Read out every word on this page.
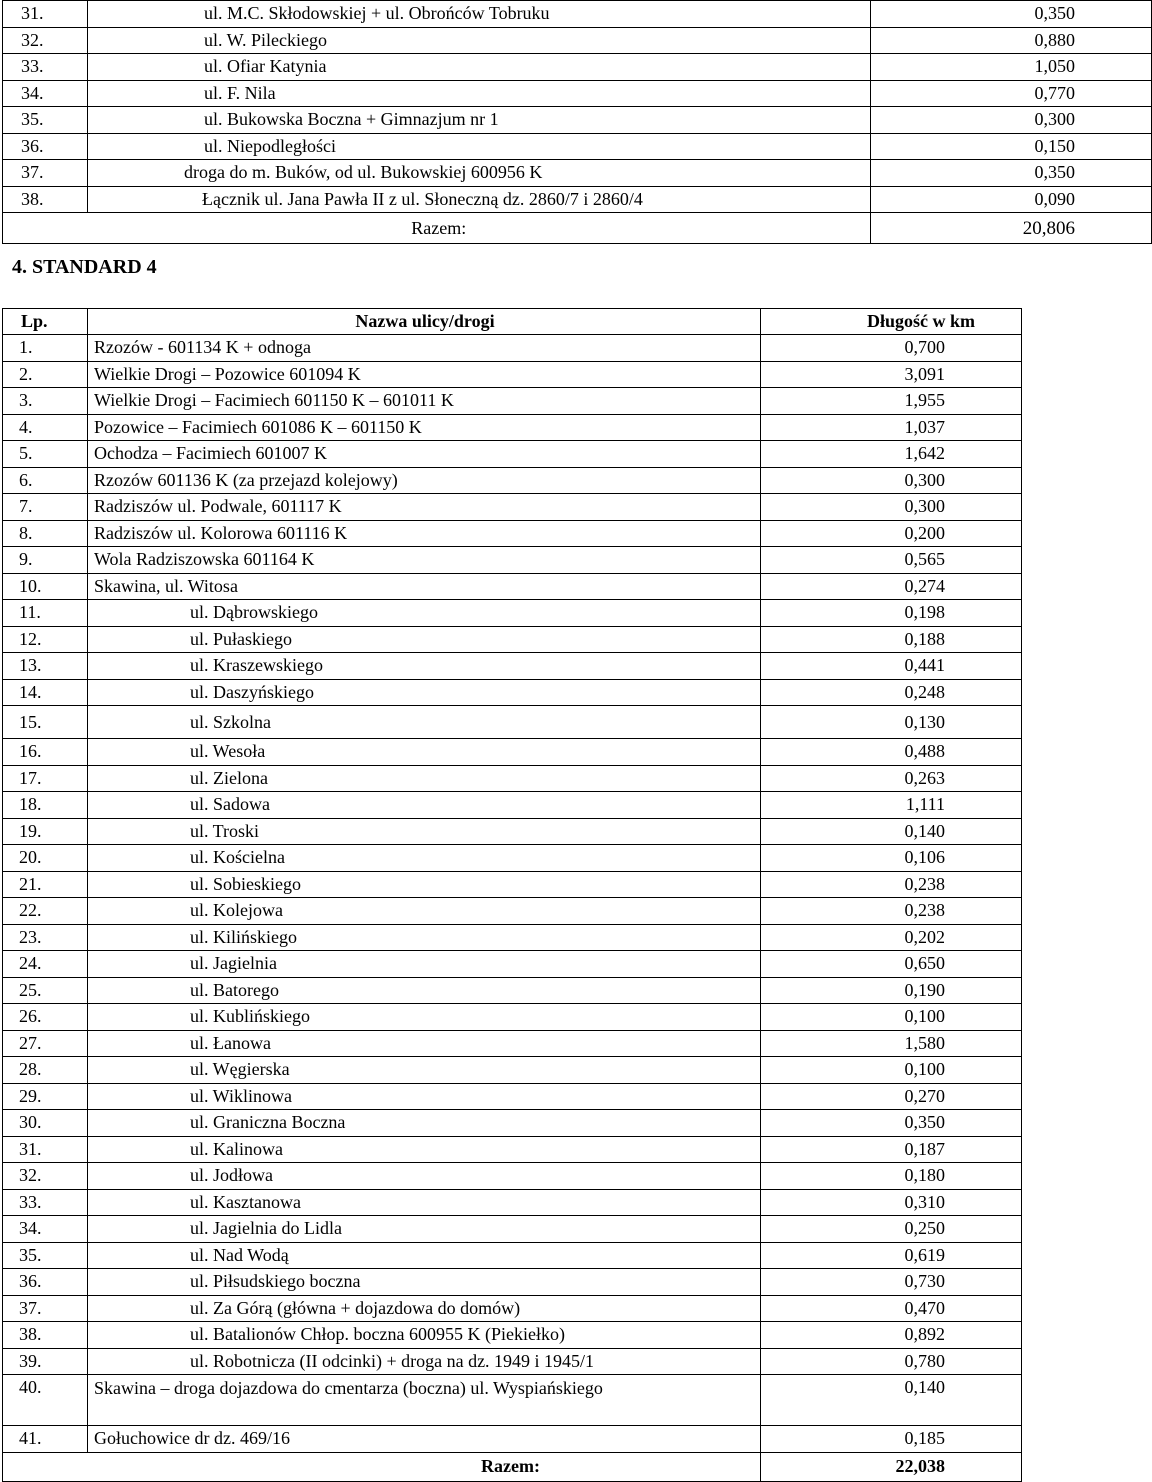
31.	ul. M.C. Skłodowskiej + ul. Obrońców Tobruku	0,350
32.	ul. W. Pileckiego	0,880
33.	ul. Ofiar Katynia	1,050
34.	ul. F. Nila	0,770
35.	ul. Bukowska Boczna + Gimnazjum nr 1	0,300
36.	ul. Niepodległości	0,150
37.	droga do m. Buków, od ul. Bukowskiej 600956 K	0,350
38.	Łącznik ul. Jana Pawła II z ul. Słoneczną dz. 2860/7 i 2860/4	0,090
	Razem:	20,806
4. STANDARD 4
Lp.	Nazwa ulicy/drogi	Długość w km
1.	Rzozów - 601134 K + odnoga	0,700
2.	Wielkie Drogi – Pozowice 601094 K	3,091
3.	Wielkie Drogi – Facimiech 601150 K – 601011 K	1,955
4.	Pozowice – Facimiech 601086 K – 601150 K	1,037
5.	Ochodza – Facimiech 601007 K	1,642
6.	Rzozów 601136 K (za przejazd kolejowy)	0,300
7.	Radziszów ul. Podwale, 601117 K	0,300
8.	Radziszów ul. Kolorowa 601116 K	0,200
9.	Wola Radziszowska 601164 K	0,565
10.	Skawina, ul. Witosa	0,274
11.	ul. Dąbrowskiego	0,198
12.	ul. Pułaskiego	0,188
13.	ul. Kraszewskiego	0,441
14.	ul. Daszyńskiego	0,248
15.	ul. Szkolna	0,130
16.	ul. Wesoła	0,488
17.	ul. Zielona	0,263
18.	ul. Sadowa	1,111
19.	ul. Troski	0,140
20.	ul. Kościelna	0,106
21.	ul. Sobieskiego	0,238
22.	ul. Kolejowa	0,238
23.	ul. Kilińskiego	0,202
24.	ul. Jagielnia	0,650
25.	ul. Batorego	0,190
26.	ul. Kublińskiego	0,100
27.	ul. Łanowa	1,580
28.	ul. Węgierska	0,100
29.	ul. Wiklinowa	0,270
30.	ul. Graniczna Boczna	0,350
31.	ul. Kalinowa	0,187
32.	ul. Jodłowa	0,180
33.	ul. Kasztanowa	0,310
34.	ul. Jagielnia do Lidla	0,250
35.	ul. Nad Wodą	0,619
36.	ul. Piłsudskiego boczna	0,730
37.	ul. Za Górą (główna + dojazdowa do domów)	0,470
38.	ul. Batalionów Chłop. boczna 600955 K (Piekiełko)	0,892
39.	ul. Robotnicza (II odcinki) + droga na dz. 1949 i 1945/1	0,780
40.	Skawina – droga dojazdowa do cmentarza (boczna) ul. Wyspiańskiego	0,140
41.	Gołuchowice dr dz. 469/16	0,185
	Razem:	22,038
